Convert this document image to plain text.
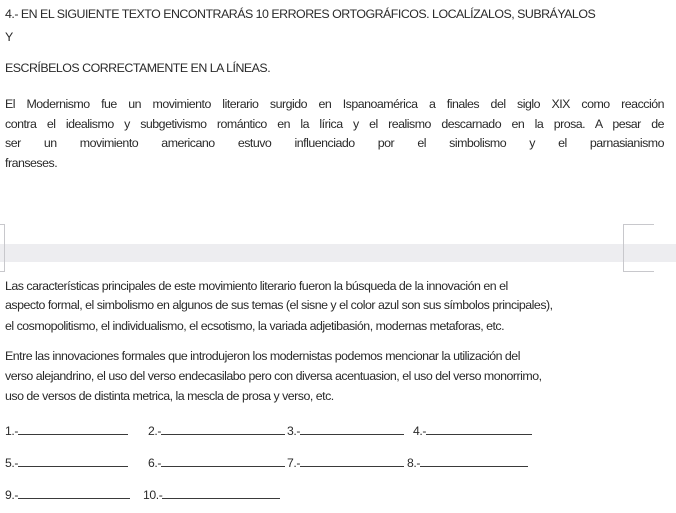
4.- EN EL SIGUIENTE TEXTO ENCONTRARÁS 10 ERRORES ORTOGRÁFICOS. LOCALÍZALOS, SUBRÁYALOS
Y
ESCRÍBELOS CORRECTAMENTE EN LA LÍNEAS.
El Modernismo fue un movimiento literario surgido en Ispanoamérica a finales del siglo XIX como reacción
contra el idealismo y subgetivismo romántico en la lírica y el realismo descarnado en la prosa. A pesar de
ser un movimiento americano estuvo influenciado por el simbolismo y el parnasianismo
franseses.
Las características principales de este movimiento literario fueron la búsqueda de la innovación en el
aspecto formal, el simbolismo en algunos de sus temas (el sisne y el color azul son sus símbolos principales),
el cosmopolitismo, el individualismo, el ecsotismo, la variada adjetibasión, modernas metaforas, etc.
Entre las innovaciones formales que introdujeron los modernistas podemos mencionar la utilización del
verso alejandrino, el uso del verso endecasilabo pero con diversa acentuasion, el uso del verso monorrimo,
uso de versos de distinta metrica, la mescla de prosa y verso, etc.
1.-	2.-	3.-	4.-
5.-	6.-	7.-	8.-
9.-	10.-
